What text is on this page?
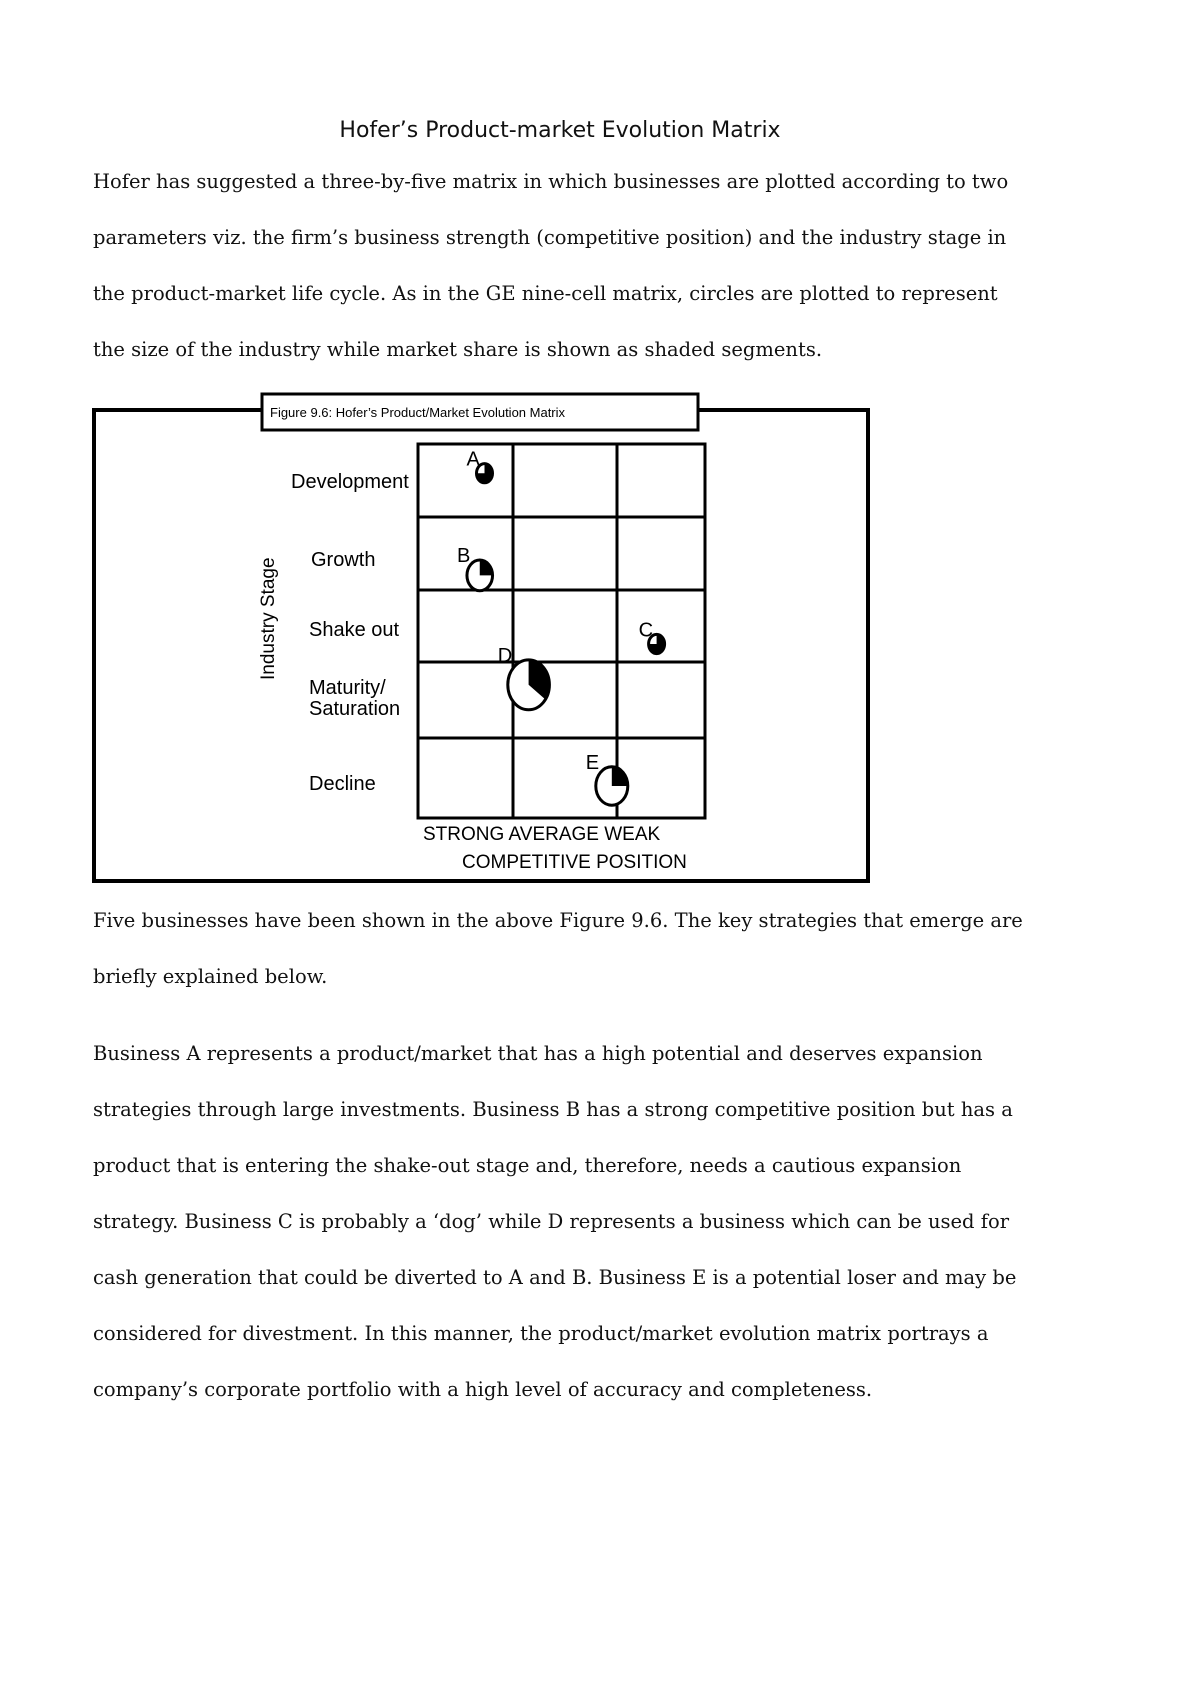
Hofer’s Product-market Evolution Matrix
Hofer has suggested a three-by-five matrix in which businesses are plotted according to two
parameters viz. the firm’s business strength (competitive position) and the industry stage in
the product-market life cycle. As in the GE nine-cell matrix, circles are plotted to represent
the size of the industry while market share is shown as shaded segments.
Figure 9.6: Hofer’s Product/Market Evolution Matrix
Industry Stage
Development
Growth
Shake out
Maturity/
Saturation
Decline
STRONG AVERAGE WEAK
COMPETITIVE POSITION
A
B
C
D
E
Five businesses have been shown in the above Figure 9.6. The key strategies that emerge are
briefly explained below.
Business A represents a product/market that has a high potential and deserves expansion
strategies through large investments. Business B has a strong competitive position but has a
product that is entering the shake-out stage and, therefore, needs a cautious expansion
strategy. Business C is probably a ‘dog’ while D represents a business which can be used for
cash generation that could be diverted to A and B. Business E is a potential loser and may be
considered for divestment. In this manner, the product/market evolution matrix portrays a
company’s corporate portfolio with a high level of accuracy and completeness.
